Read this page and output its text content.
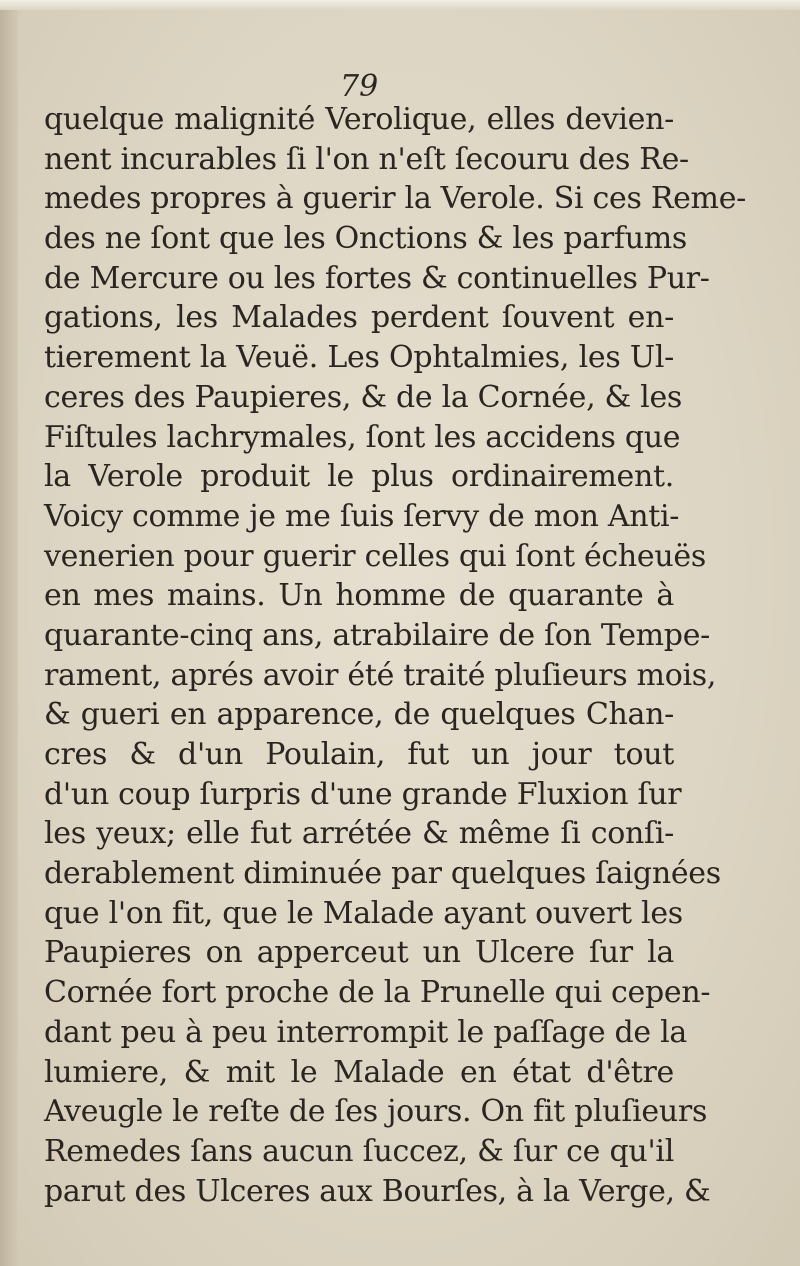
79
quelque malignité Verolique, elles devien-
nent incurables ſi l'on n'eſt ſecouru des Re-
medes propres à guerir la Verole. Si ces Reme-
des ne ſont que les Onctions & les parfums
de Mercure ou les fortes & continuelles Pur-
gations, les Malades perdent ſouvent en-
tierement la Veuë. Les Ophtalmies, les Ul-
ceres des Paupieres, & de la Cornée, & les
Fiſtules lachrymales, ſont les accidens que
la Verole produit le plus ordinairement.
Voicy comme je me ſuis ſervy de mon Anti-
venerien pour guerir celles qui ſont écheuës
en mes mains. Un homme de quarante à
quarante-cinq ans, atrabilaire de ſon Tempe-
rament, aprés avoir été traité pluſieurs mois,
& gueri en apparence, de quelques Chan-
cres & d'un Poulain, fut un jour tout
d'un coup ſurpris d'une grande Fluxion ſur
les yeux; elle fut arrétée & même ſi conſi-
derablement diminuée par quelques ſaignées
que l'on fit, que le Malade ayant ouvert les
Paupieres on apperceut un Ulcere ſur la
Cornée fort proche de la Prunelle qui cepen-
dant peu à peu interrompit le paſſage de la
lumiere, & mit le Malade en état d'être
Aveugle le reſte de ſes jours. On fit pluſieurs
Remedes ſans aucun ſuccez, & ſur ce qu'il
parut des Ulceres aux Bourſes, à la Verge, &
